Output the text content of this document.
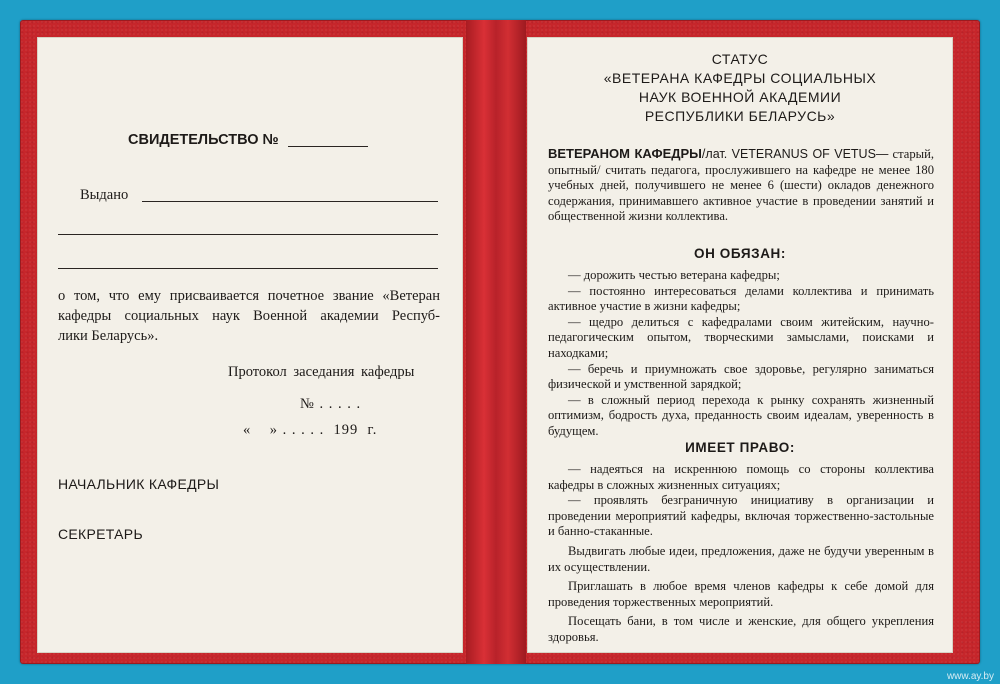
СВИДЕТЕЛЬСТВО №
Выдано
о том, что ему присваивается почетное звание «Ветеран
кафедры социальных наук Военной академии Респуб-
лики Беларусь».
Протокол заседания кафедры
№ . . . . .
«    » . . . . .  199  г.
НАЧАЛЬНИК КАФЕДРЫ
СЕКРЕТАРЬ
СТАТУС
«ВЕТЕРАНА КАФЕДРЫ СОЦИАЛЬНЫХ
НАУК ВОЕННОЙ АКАДЕМИИ
РЕСПУБЛИКИ БЕЛАРУСЬ»
ВЕТЕРАНОМ КАФЕДРЫ/лат. VETERANUS OF VETUS— старый, опытный/ считать педагога, прослужившего на кафедре не менее 180 учебных дней, получившего не менее 6 (шести) окладов денежного содержания, принимавшего активное участие в проведении занятий и общественной жизни коллектива.
ОН ОБЯЗАН:
— дорожить честью ветерана кафедры;
— постоянно интересоваться делами коллектива и принимать активное участие в жизни кафедры;
— щедро делиться с кафедралами своим житейским, научно-педагогическим опытом, творческими замыслами, поисками и находками;
— беречь и приумножать свое здоровье, регулярно заниматься физической и умственной зарядкой;
— в сложный период перехода к рынку сохранять жизненный оптимизм, бодрость духа, преданность своим идеалам, уверенность в будущем.
ИМЕЕТ ПРАВО:
— надеяться на искреннюю помощь со стороны коллектива кафедры в сложных жизненных ситуациях;
— проявлять безграничную инициативу в организации и проведении мероприятий кафедры, включая торжественно-застольные и банно-стаканные.
Выдвигать любые идеи, предложения, даже не будучи уверенным в их осуществлении.
Приглашать в любое время членов кафедры к себе домой для проведения торжественных мероприятий.
Посещать бани, в том числе и женские, для общего укрепления здоровья.
www.ay.by
